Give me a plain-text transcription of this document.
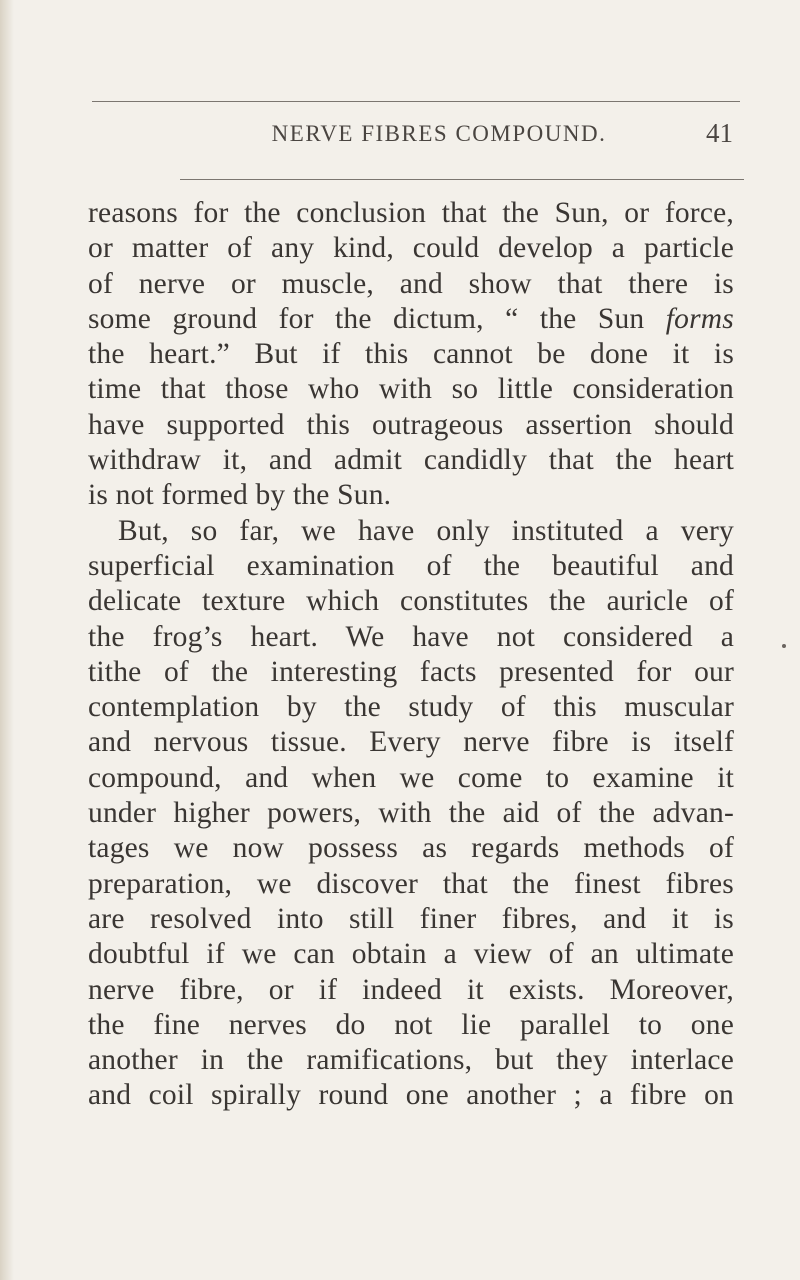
NERVE FIBRES COMPOUND.	41
reasons for the conclusion that the Sun, or force,
or matter of any kind, could develop a particle
of nerve or muscle, and show that there is
some ground for the dictum, “ the Sun forms
the heart.” But if this cannot be done it is
time that those who with so little consideration
have supported this outrageous assertion should
withdraw it, and admit candidly that the heart
is not formed by the Sun.
But, so far, we have only instituted a very
superficial examination of the beautiful and
delicate texture which constitutes the auricle of
the frog’s heart. We have not considered a
tithe of the interesting facts presented for our
contemplation by the study of this muscular
and nervous tissue. Every nerve fibre is itself
compound, and when we come to examine it
under higher powers, with the aid of the advan-
tages we now possess as regards methods of
preparation, we discover that the finest fibres
are resolved into still finer fibres, and it is
doubtful if we can obtain a view of an ultimate
nerve fibre, or if indeed it exists. Moreover,
the fine nerves do not lie parallel to one
another in the ramifications, but they interlace
and coil spirally round one another ; a fibre on
